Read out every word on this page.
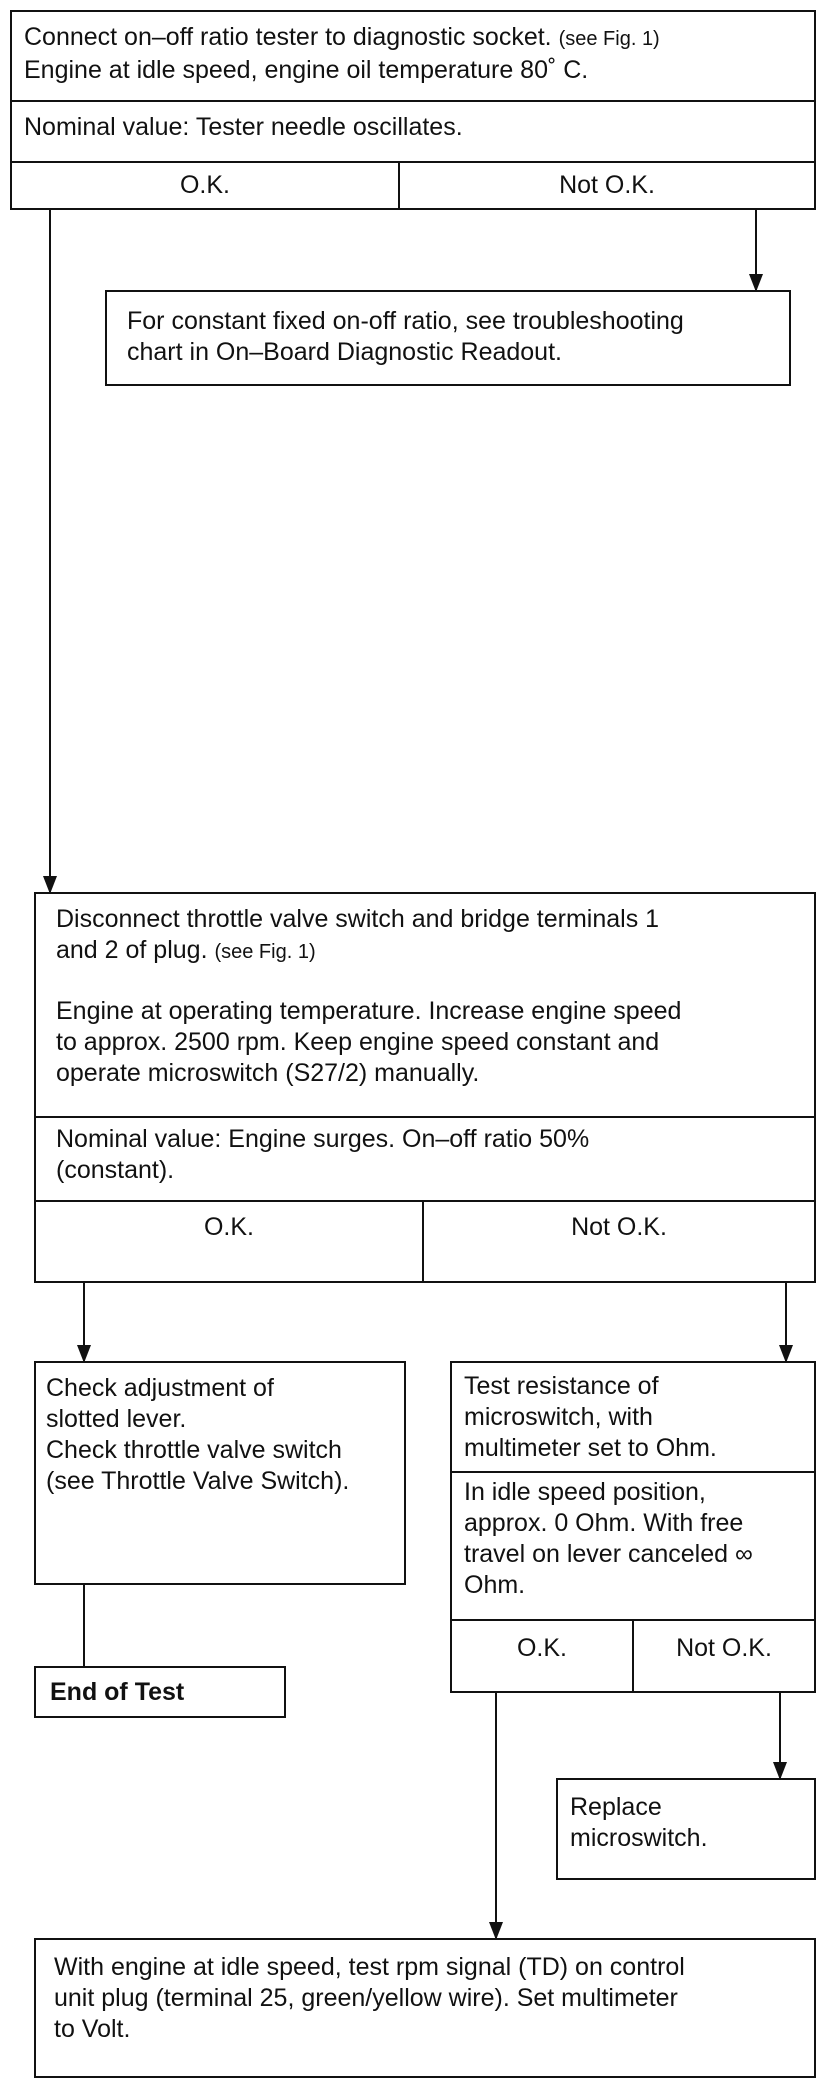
Connect on–off ratio tester to diagnostic socket. (see Fig. 1)
Engine at idle speed, engine oil temperature 80˚ C.
Nominal value: Tester needle oscillates.
O.K.	Not O.K.
For constant fixed on-off ratio, see troubleshooting
chart in On–Board Diagnostic Readout.
Disconnect throttle valve switch and bridge terminals 1
and 2 of plug. (see Fig. 1)
Engine at operating temperature. Increase engine speed
to approx. 2500 rpm. Keep engine speed constant and
operate microswitch (S27/2) manually.
Nominal value: Engine surges. On–off ratio 50%
(constant).
O.K.	Not O.K.
Check adjustment of
slotted lever.
Check throttle valve switch
(see Throttle Valve Switch).
End of Test
Test resistance of
microswitch, with
multimeter set to Ohm.
In idle speed position,
approx. 0 Ohm. With free
travel on lever canceled ∞
Ohm.
O.K.	Not O.K.
Replace
microswitch.
With engine at idle speed, test rpm signal (TD) on control
unit plug (terminal 25, green/yellow wire). Set multimeter
to Volt.
